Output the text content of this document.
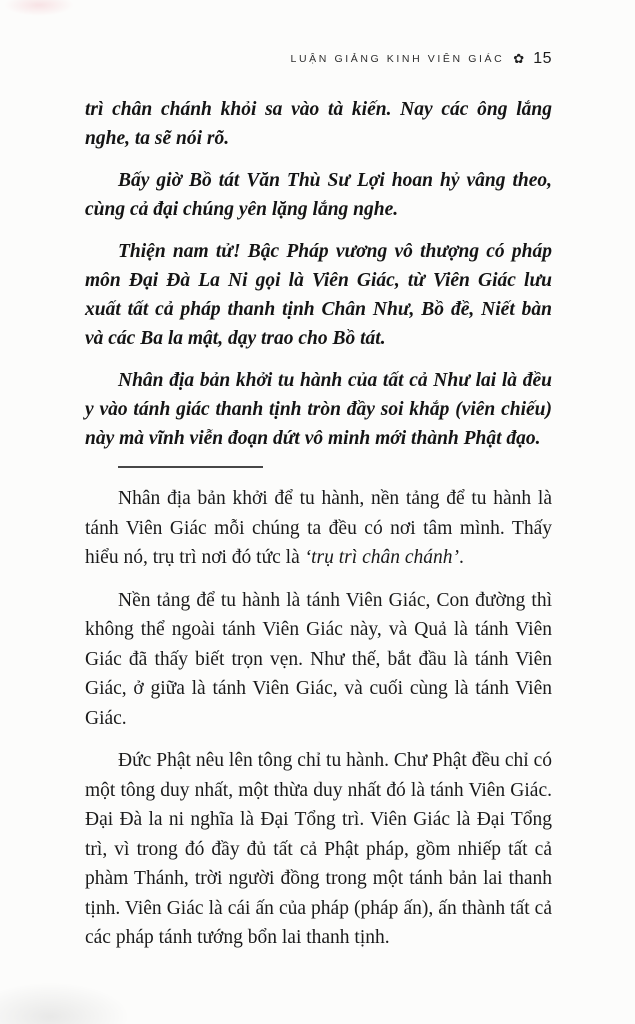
LUẬN GIẢNG KINH VIÊN GIÁC ✿ 15

trì chân chánh khỏi sa vào tà kiến. Nay các ông lắng nghe, ta sẽ nói rõ.

Bấy giờ Bồ tát Văn Thù Sư Lợi hoan hỷ vâng theo, cùng cả đại chúng yên lặng lắng nghe.

Thiện nam tử! Bậc Pháp vương vô thượng có pháp môn Đại Đà La Ni gọi là Viên Giác, từ Viên Giác lưu xuất tất cả pháp thanh tịnh Chân Như, Bồ đề, Niết bàn và các Ba la mật, dạy trao cho Bồ tát.

Nhân địa bản khởi tu hành của tất cả Như lai là đều y vào tánh giác thanh tịnh tròn đầy soi khắp (viên chiếu) này mà vĩnh viễn đoạn dứt vô minh mới thành Phật đạo.

Nhân địa bản khởi để tu hành, nền tảng để tu hành là tánh Viên Giác mỗi chúng ta đều có nơi tâm mình. Thấy hiểu nó, trụ trì nơi đó tức là ‘trụ trì chân chánh’.

Nền tảng để tu hành là tánh Viên Giác, Con đường thì không thể ngoài tánh Viên Giác này, và Quả là tánh Viên Giác đã thấy biết trọn vẹn. Như thế, bắt đầu là tánh Viên Giác, ở giữa là tánh Viên Giác, và cuối cùng là tánh Viên Giác.

Đức Phật nêu lên tông chỉ tu hành. Chư Phật đều chỉ có một tông duy nhất, một thừa duy nhất đó là tánh Viên Giác. Đại Đà la ni nghĩa là Đại Tổng trì. Viên Giác là Đại Tổng trì, vì trong đó đầy đủ tất cả Phật pháp, gồm nhiếp tất cả phàm Thánh, trời người đồng trong một tánh bản lai thanh tịnh. Viên Giác là cái ấn của pháp (pháp ấn), ấn thành tất cả các pháp tánh tướng bổn lai thanh tịnh.
